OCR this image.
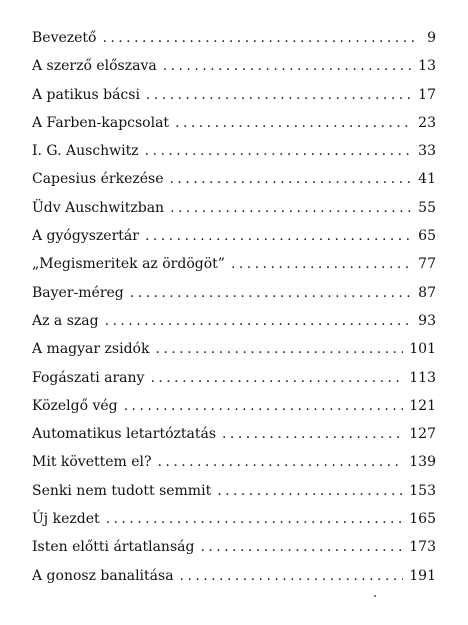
Bevezető . . .	9
A szerző előszava . . .	13
A patikus bácsi . . .	17
A Farben-kapcsolat . . .	23
I. G. Auschwitz . . .	33
Capesius érkezése . . .	41
Üdv Auschwitzban . . .	55
A gyógyszertár . . .	65
„Megismeritek az ördögöt” . . .	77
Bayer-méreg . . .	87
Az a szag . . .	93
A magyar zsidók . . .	101
Fogászati arany . . .	113
Közelgő vég . . .	121
Automatikus letartóztatás . . .	127
Mit követtem el? . . .	139
Senki nem tudott semmit . . .	153
Új kezdet . . .	165
Isten előtti ártatlanság . . .	173
A gonosz banalitása . . .	191
